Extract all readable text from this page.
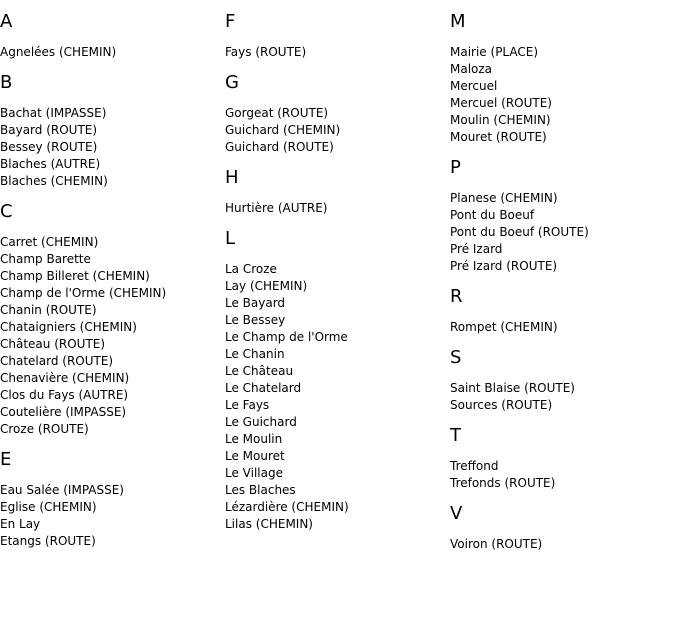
A
Agnelées (CHEMIN)
B
Bachat (IMPASSE)
Bayard (ROUTE)
Bessey (ROUTE)
Blaches (AUTRE)
Blaches (CHEMIN)
C
Carret (CHEMIN)
Champ Barette
Champ Billeret (CHEMIN)
Champ de l'Orme (CHEMIN)
Chanin (ROUTE)
Chataigniers (CHEMIN)
Château (ROUTE)
Chatelard (ROUTE)
Chenavière (CHEMIN)
Clos du Fays (AUTRE)
Coutelière (IMPASSE)
Croze (ROUTE)
E
Eau Salée (IMPASSE)
Eglise (CHEMIN)
En Lay
Etangs (ROUTE)
F
Fays (ROUTE)
G
Gorgeat (ROUTE)
Guichard (CHEMIN)
Guichard (ROUTE)
H
Hurtière (AUTRE)
L
La Croze
Lay (CHEMIN)
Le Bayard
Le Bessey
Le Champ de l'Orme
Le Chanin
Le Château
Le Chatelard
Le Fays
Le Guichard
Le Moulin
Le Mouret
Le Village
Les Blaches
Lézardière (CHEMIN)
Lilas (CHEMIN)
M
Mairie (PLACE)
Maloza
Mercuel
Mercuel (ROUTE)
Moulin (CHEMIN)
Mouret (ROUTE)
P
Planese (CHEMIN)
Pont du Boeuf
Pont du Boeuf (ROUTE)
Pré Izard
Pré Izard (ROUTE)
R
Rompet (CHEMIN)
S
Saint Blaise (ROUTE)
Sources (ROUTE)
T
Treffond
Trefonds (ROUTE)
V
Voiron (ROUTE)
